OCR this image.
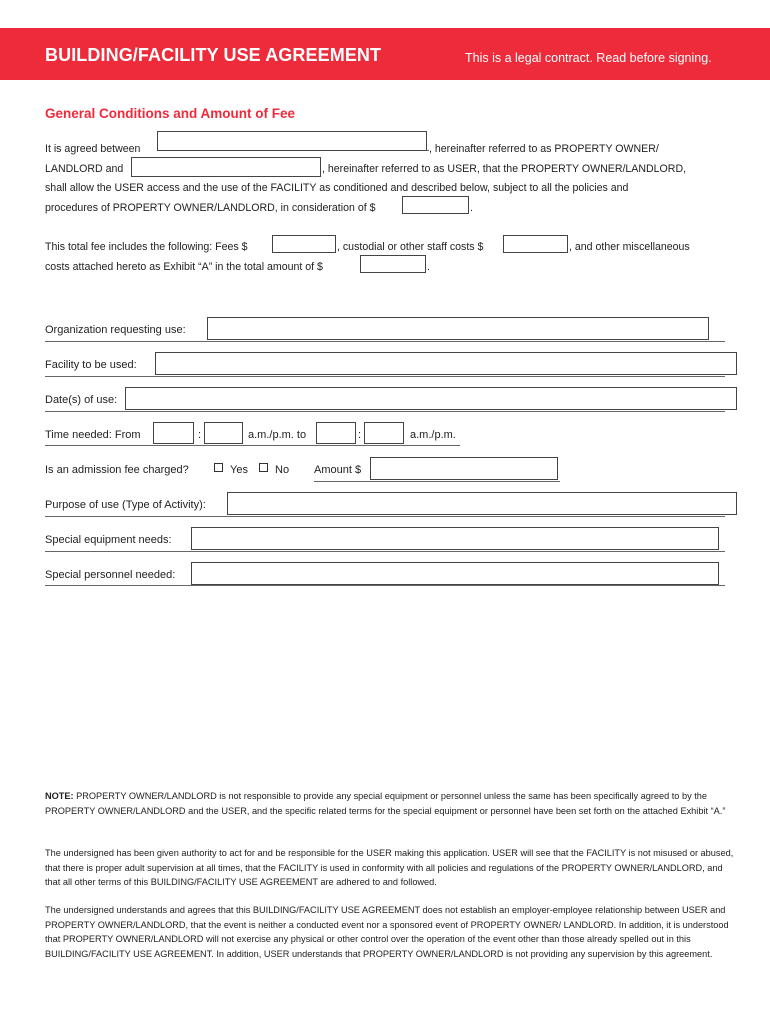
BUILDING/FACILITY USE AGREEMENT	This is a legal contract. Read before signing.
General Conditions and Amount of Fee
It is agreed between	, hereinafter referred to as PROPERTY OWNER/
LANDLORD and	, hereinafter referred to as USER, that the PROPERTY OWNER/LANDLORD,
shall allow the USER access and the use of the FACILITY as conditioned and described below, subject to all the policies and
procedures of PROPERTY OWNER/LANDLORD, in consideration of $	.
This total fee includes the following: Fees $	, custodial or other staff costs $	, and other miscellaneous
costs attached hereto as Exhibit “A” in the total amount of $	.
Organization requesting use:
Facility to be used:
Date(s) of use:
Time needed: From	:	a.m./p.m. to	:	a.m./p.m.
Is an admission fee charged?	Yes No Amount $
Purpose of use (Type of Activity):
Special equipment needs:
Special personnel needed:
NOTE: PROPERTY OWNER/LANDLORD is not responsible to provide any special equipment or personnel unless the same has been specifically agreed to by the PROPERTY OWNER/LANDLORD and the USER, and the specific related terms for the special equipment or personnel have been set forth on the attached Exhibit “A.”
The undersigned has been given authority to act for and be responsible for the USER making this application. USER will see that the FACILITY is not misused or abused, that there is proper adult supervision at all times, that the FACILITY is used in conformity with all policies and regulations of the PROPERTY OWNER/LANDLORD, and that all other terms of this BUILDING/FACILITY USE AGREEMENT are adhered to and followed.
The undersigned understands and agrees that this BUILDING/FACILITY USE AGREEMENT does not establish an employer-employee relationship between USER and PROPERTY OWNER/LANDLORD, that the event is neither a conducted event nor a sponsored event of PROPERTY OWNER/ LANDLORD. In addition, it is understood that PROPERTY OWNER/LANDLORD will not exercise any physical or other control over the operation of the event other than those already spelled out in this BUILDING/FACILITY USE AGREEMENT. In addition, USER understands that PROPERTY OWNER/LANDLORD is not providing any supervision by this agreement.
